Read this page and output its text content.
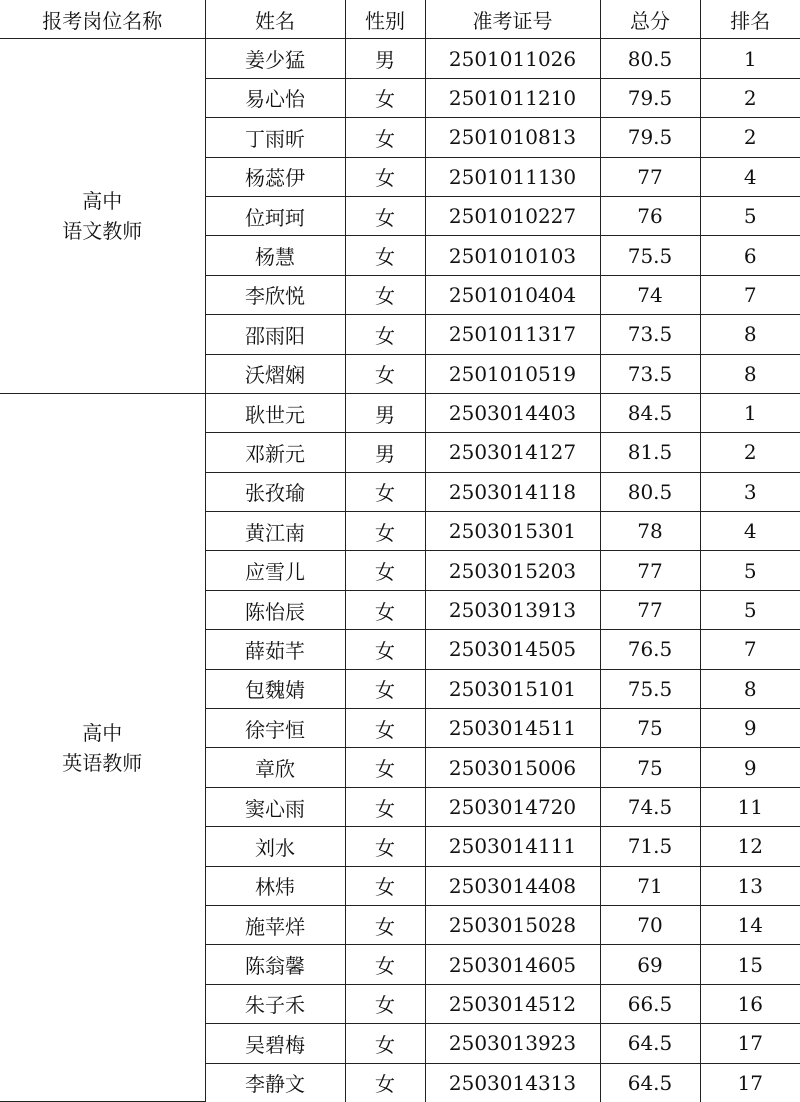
报考岗位名称	姓名	性别	准考证号	总分	排名

高中
语文教师	姜少猛	男	2501011026	80.5	1
	易心怡	女	2501011210	79.5	2
	丁雨昕	女	2501010813	79.5	2
	杨蕊伊	女	2501011130	77	4
	位珂珂	女	2501010227	76	5
	杨慧	女	2501010103	75.5	6
	李欣悦	女	2501010404	74	7
	邵雨阳	女	2501011317	73.5	8
	沃熠娴	女	2501010519	73.5	8

高中
英语教师	耿世元	男	2503014403	84.5	1
	邓新元	男	2503014127	81.5	2
	张孜瑜	女	2503014118	80.5	3
	黄江南	女	2503015301	78	4
	应雪儿	女	2503015203	77	5
	陈怡辰	女	2503013913	77	5
	薛茹芊	女	2503014505	76.5	7
	包魏婧	女	2503015101	75.5	8
	徐宇恒	女	2503014511	75	9
	章欣	女	2503015006	75	9
	窦心雨	女	2503014720	74.5	11
	刘水	女	2503014111	71.5	12
	林炜	女	2503014408	71	13
	施苹烊	女	2503015028	70	14
	陈翁馨	女	2503014605	69	15
	朱子禾	女	2503014512	66.5	16
	吴碧梅	女	2503013923	64.5	17
	李静文	女	2503014313	64.5	17
